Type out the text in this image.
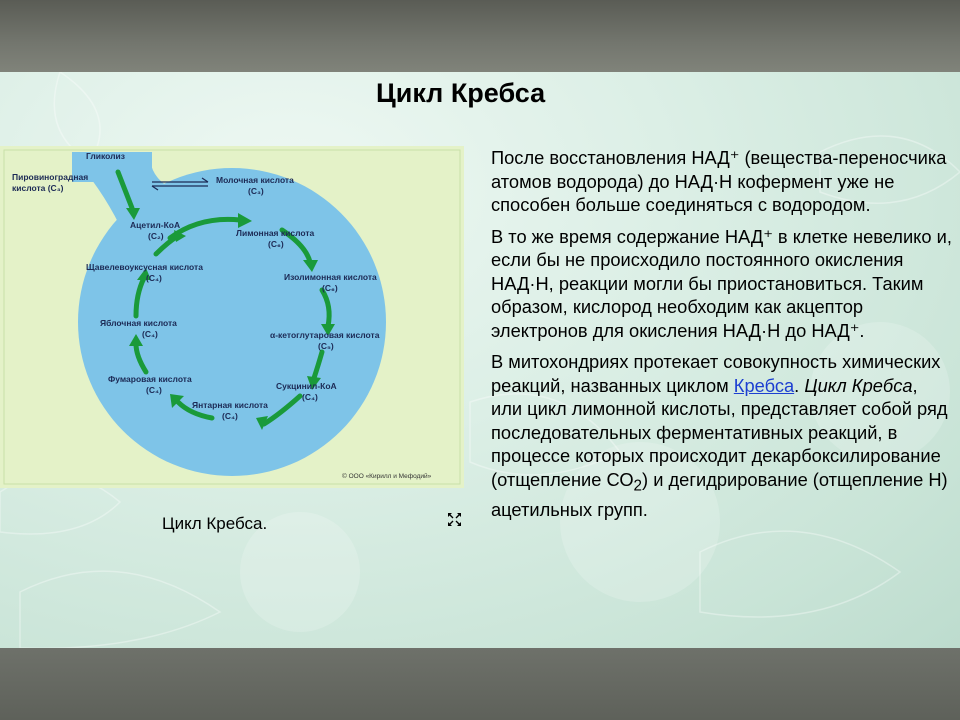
Цикл Кребса
Гликолиз
Пировиноградная
кислота (C₃)
Молочная кислота
(C₃)
Ацетил-КоА
(C₂)	Лимонная кислота
(C₆)
Изолимонная кислота
(C₆)
α-кетоглутаровая кислота
(C₅)
Сукцинил-КоА
(C₄)
Янтарная кислота
(C₄)
Фумаровая кислота
(C₄)
Яблочная кислота
(C₄)
Щавелевоуксусная кислота
(C₄)
© ООО «Кирилл и Мефодий»
Цикл Кребса.

После восстановления НАД⁺ (вещества-переносчика атомов водорода) до НАД·Н кофермент уже не способен больше соединяться с водородом.

В то же время содержание НАД⁺ в клетке невелико и, если бы не происходило постоянного окисления НАД·Н, реакции могли бы приостановиться. Таким образом, кислород необходим как акцептор электронов для окисления НАД·Н до НАД⁺.

В митохондриях протекает совокупность химических реакций, названных циклом Кребса. Цикл Кребса, или цикл лимонной кислоты, представляет собой ряд последовательных ферментативных реакций, в процессе которых происходит декарбоксилирование (отщепление $СО_2$) и дегидрирование (отщепление Н) ацетильных групп.
